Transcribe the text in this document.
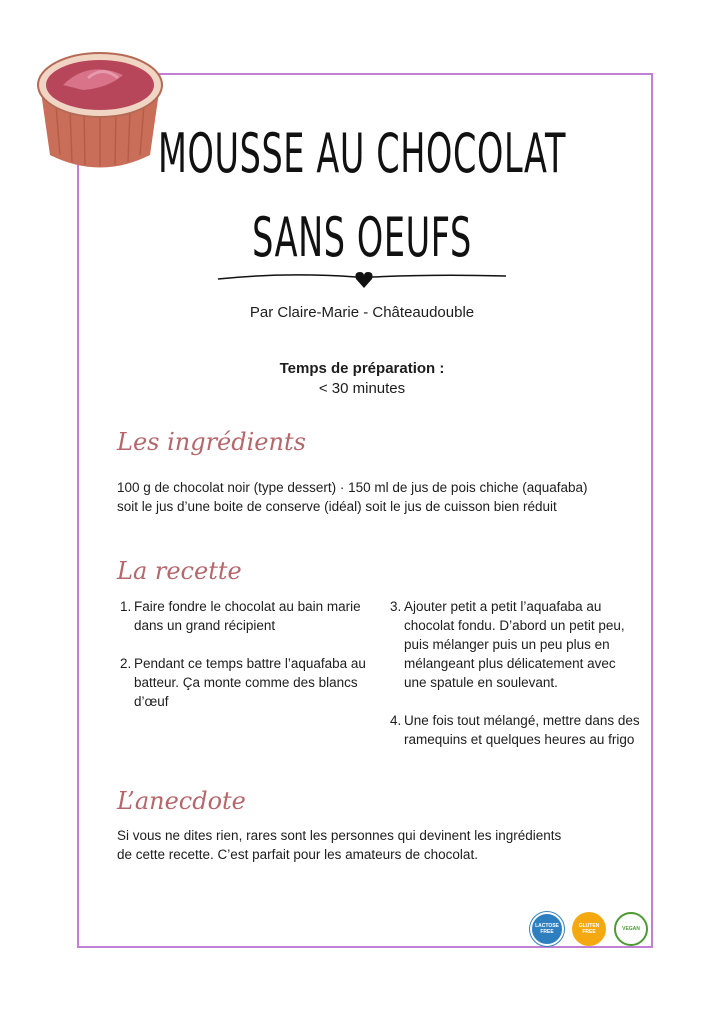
MOUSSE AU CHOCOLAT
SANS OEUFS
Par Claire-Marie - Châteaudouble
Temps de préparation :
< 30 minutes
Les ingrédients
100 g de chocolat noir (type dessert) · 150 ml de jus de pois chiche (aquafaba) soit le jus d’une boite de conserve (idéal) soit le jus de cuisson bien réduit
La recette
1. Faire fondre le chocolat au bain marie dans un grand récipient
2. Pendant ce temps battre l’aquafaba au batteur. Ça monte comme des blancs d’œuf
3. Ajouter petit a petit l’aquafaba au chocolat fondu. D’abord un petit peu, puis mélanger puis un peu plus en mélangeant plus délicatement avec une spatule en soulevant.
4. Une fois tout mélangé, mettre dans des ramequins et quelques heures au frigo
L’anecdote
Si vous ne dites rien, rares sont les personnes qui devinent les ingrédients de cette recette. C’est parfait pour les amateurs de chocolat.
LACTOSE FREE
GLUTEN FREE	VEGAN
